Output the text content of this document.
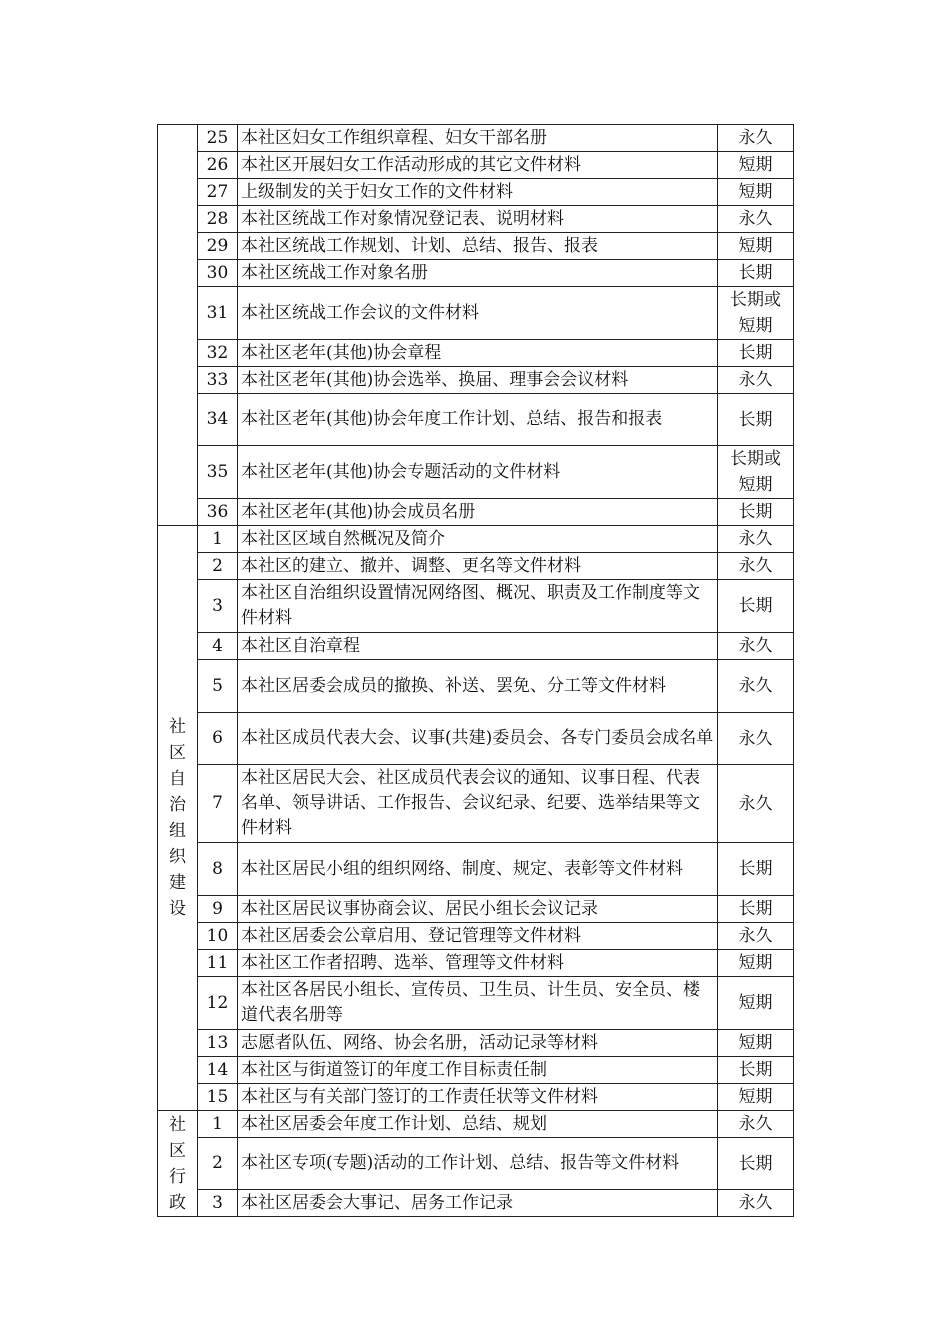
	25	本社区妇女工作组织章程、妇女干部名册	永久
	26	本社区开展妇女工作活动形成的其它文件材料	短期
	27	上级制发的关于妇女工作的文件材料	短期
	28	本社区统战工作对象情况登记表、说明材料	永久
	29	本社区统战工作规划、计划、总结、报告、报表	短期
	30	本社区统战工作对象名册	长期
	31	本社区统战工作会议的文件材料	长期或
短期
	32	本社区老年(其他)协会章程	长期
	33	本社区老年(其他)协会选举、换届、理事会会议材料	永久
	34	本社区老年(其他)协会年度工作计划、总结、报告和报表	长期
	35	本社区老年(其他)协会专题活动的文件材料	长期或
短期
	36	本社区老年(其他)协会成员名册	长期

社区自治组织建设	1	本社区区域自然概况及简介	永久
	2	本社区的建立、撤并、调整、更名等文件材料	永久
	3	本社区自治组织设置情况网络图、概况、职责及工作制度等文件材料	长期
	4	本社区自治章程	永久
	5	本社区居委会成员的撤换、补送、罢免、分工等文件材料	永久
	6	本社区成员代表大会、议事(共建)委员会、各专门委员会成名单	永久
	7	本社区居民大会、社区成员代表会议的通知、议事日程、代表名单、领导讲话、工作报告、会议纪录、纪要、选举结果等文件材料	永久
	8	本社区居民小组的组织网络、制度、规定、表彰等文件材料	长期
	9	本社区居民议事协商会议、居民小组长会议记录	长期
	10	本社区居委会公章启用、登记管理等文件材料	永久
	11	本社区工作者招聘、选举、管理等文件材料	短期
	12	本社区各居民小组长、宣传员、卫生员、计生员、安全员、楼道代表名册等	短期
	13	志愿者队伍、网络、协会名册，活动记录等材料	短期
	14	本社区与街道签订的年度工作目标责任制	长期
	15	本社区与有关部门签订的工作责任状等文件材料	短期

社区行政	1	本社区居委会年度工作计划、总结、规划	永久
	2	本社区专项(专题)活动的工作计划、总结、报告等文件材料	长期
	3	本社区居委会大事记、居务工作记录	永久
